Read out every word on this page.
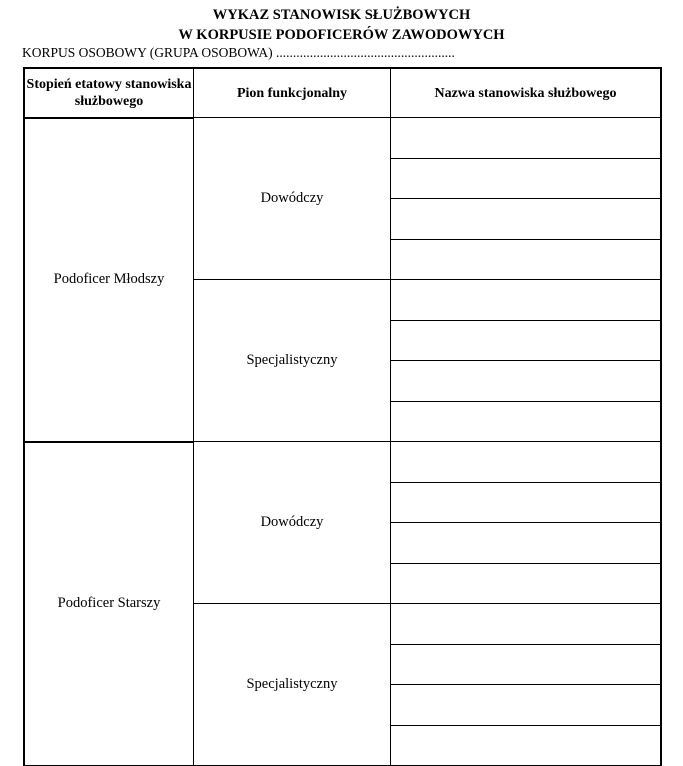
WYKAZ STANOWISK SŁUŻBOWYCH
W KORPUSIE PODOFICERÓW ZAWODOWYCH
KORPUS OSOBOWY (GRUPA OSOBOWA) .....................................................
Stopień etatowy stanowiska służbowego	Pion funkcjonalny	Nazwa stanowiska służbowego
Podoficer Młodszy	Dowódczy	

	Specjalistyczny	

Podoficer Starszy	Dowódczy	

	Specjalistyczny	
